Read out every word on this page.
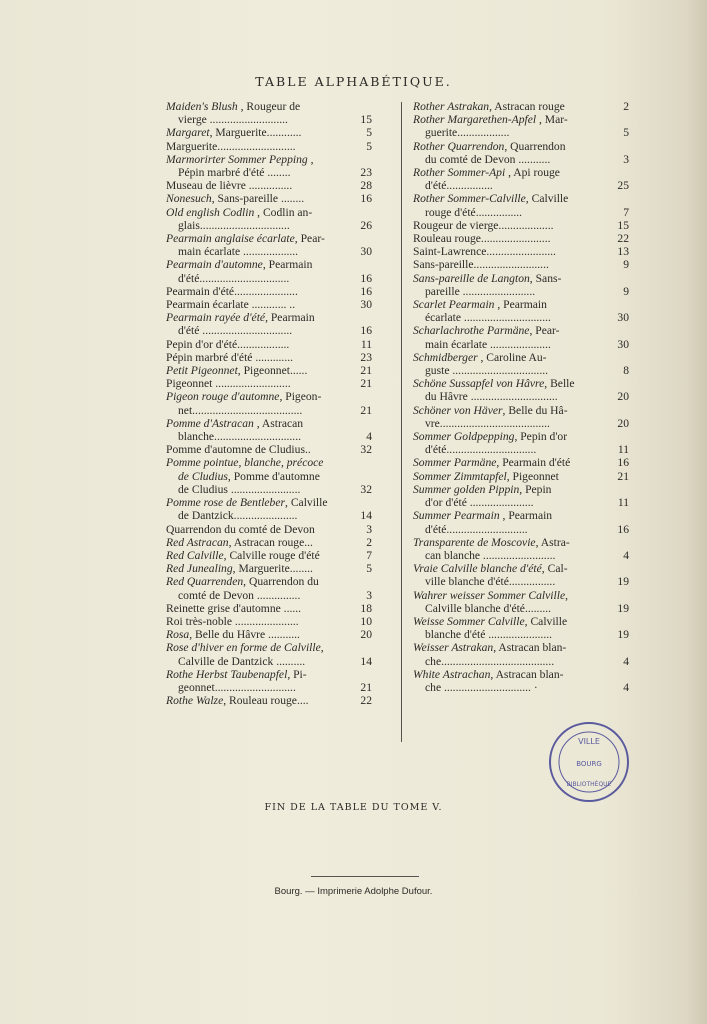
TABLE ALPHABÉTIQUE.
Maiden's Blush , Rougeur de
vierge ...........................	15
Margaret, Marguerite............	5
Marguerite...........................	5
Marmorirter Sommer Pepping ,
Pépin marbré d'été ........	23
Museau de lièvre ...............	28
Nonesuch, Sans-pareille ........	16
Old english Codlin , Codlin an-
glais...............................	26
Pearmain anglaise écarlate, Pear-
main écarlate ...................	30
Pearmain d'automne, Pearmain
d'été...............................	16
Pearmain d'été......................	16
Pearmain écarlate ............ ..	30
Pearmain rayée d'été, Pearmain
d'été ...............................	16
Pepin d'or d'été..................	11
Pépin marbré d'été .............	23
Petit Pigeonnet, Pigeonnet......	21
Pigeonnet ..........................	21
Pigeon rouge d'automne, Pigeon-
net......................................	21
Pomme d'Astracan , Astracan
blanche..............................	4
Pomme d'automne de Cludius..	32
Pomme pointue, blanche, précoce
de Cludius, Pomme d'automne
de Cludius ........................	32
Pomme rose de Bentleber, Calville
de Dantzick......................	14
Quarrendon du comté de Devon	3
Red Astracan, Astracan rouge...	2
Red Calville, Calville rouge d'été	7
Red Junealing, Marguerite........	5
Red Quarrenden, Quarrendon du
comté de Devon ...............	3
Reinette grise d'automne ......	18
Roi très-noble ......................	10
Rosa, Belle du Hâvre ...........	20
Rose d'hiver en forme de Calville,
Calville de Dantzick ..........	14
Rothe Herbst Taubenapfel, Pi-
geonnet............................	21
Rothe Walze, Rouleau rouge....	22
Rother Astrakan, Astracan rouge	2
Rother Margarethen-Apfel , Mar-
guerite..................	5
Rother Quarrendon, Quarrendon
du comté de Devon ...........	3
Rother Sommer-Api , Api rouge
d'été................	25
Rother Sommer-Calville, Calville
rouge d'été................	7
Rougeur de vierge...................	15
Rouleau rouge........................	22
Saint-Lawrence........................	13
Sans-pareille..........................	9
Sans-pareille de Langton, Sans-
pareille .........................	9
Scarlet Pearmain , Pearmain
écarlate ..............................	30
Scharlachrothe Parmäne, Pear-
main écarlate .....................	30
Schmidberger , Caroline Au-
guste .................................	8
Schöne Sussapfel von Hâvre, Belle
du Hâvre ..............................	20
Schöner von Häver, Belle du Hâ-
vre......................................	20
Sommer Goldpepping, Pepin d'or
d'été...............................	11
Sommer Parmäne, Pearmain d'été	16
Sommer Zimmtapfel, Pigeonnet	21
Summer golden Pippin, Pepin
d'or d'été ......................	11
Summer Pearmain , Pearmain
d'été............................	16
Transparente de Moscovie, Astra-
can blanche .........................	4
Vraie Calville blanche d'été, Cal-
ville blanche d'été................	19
Wahrer weisser Sommer Calville,
Calville blanche d'été.........	19
Weisse Sommer Calville, Calville
blanche d'été ......................	19
Weisser Astrakan, Astracan blan-
che.......................................	4
White Astrachan, Astracan blan-
che .............................. ·	4
FIN DE LA TABLE DU TOME V.
Bourg. — Imprimerie Adolphe Dufour.
VILLE
BOURG
BIBLIOTHÈQUE
